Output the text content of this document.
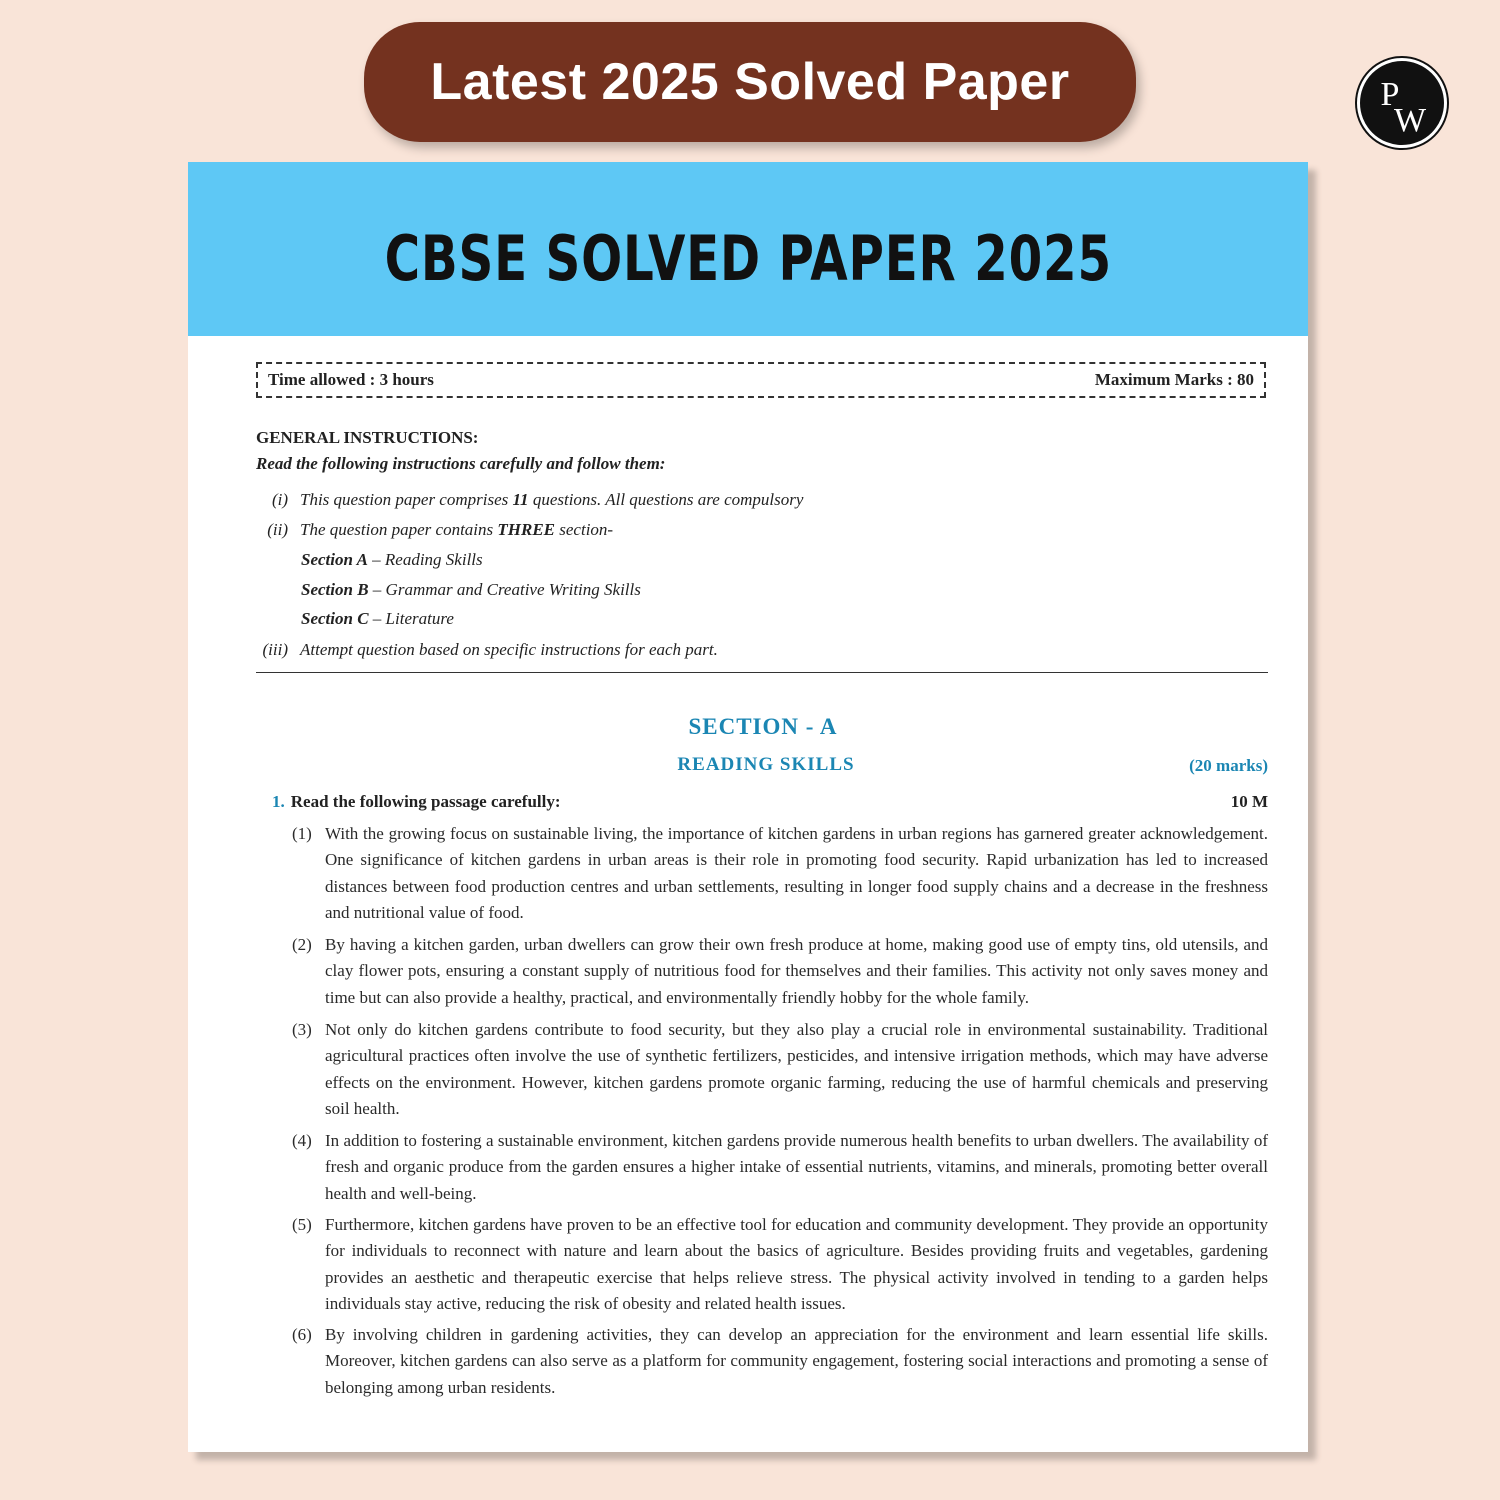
Latest 2025 Solved Paper	P
W
CBSE SOLVED PAPER 2025
Time allowed : 3 hours	Maximum Marks : 80
GENERAL INSTRUCTIONS:
Read the following instructions carefully and follow them:
(i) This question paper comprises 11 questions. All questions are compulsory
(ii) The question paper contains THREE section-
Section A – Reading Skills
Section B – Grammar and Creative Writing Skills
Section C – Literature
(iii) Attempt question based on specific instructions for each part.
SECTION - A
READING SKILLS	(20 marks)
1. Read the following passage carefully:	10 M
(1) With the growing focus on sustainable living, the importance of kitchen gardens in urban regions has garnered greater acknowledgement. One significance of kitchen gardens in urban areas is their role in promoting food security. Rapid urbanization has led to increased distances between food production centres and urban settlements, resulting in longer food supply chains and a decrease in the freshness and nutritional value of food.
(2) By having a kitchen garden, urban dwellers can grow their own fresh produce at home, making good use of empty tins, old utensils, and clay flower pots, ensuring a constant supply of nutritious food for themselves and their families. This activity not only saves money and time but can also provide a healthy, practical, and environmentally friendly hobby for the whole family.
(3) Not only do kitchen gardens contribute to food security, but they also play a crucial role in environmental sustainability. Traditional agricultural practices often involve the use of synthetic fertilizers, pesticides, and intensive irrigation methods, which may have adverse effects on the environment. However, kitchen gardens promote organic farming, reducing the use of harmful chemicals and preserving soil health.
(4) In addition to fostering a sustainable environment, kitchen gardens provide numerous health benefits to urban dwellers. The availability of fresh and organic produce from the garden ensures a higher intake of essential nutrients, vitamins, and minerals, promoting better overall health and well-being.
(5) Furthermore, kitchen gardens have proven to be an effective tool for education and community development. They provide an opportunity for individuals to reconnect with nature and learn about the basics of agriculture. Besides providing fruits and vegetables, gardening provides an aesthetic and therapeutic exercise that helps relieve stress. The physical activity involved in tending to a garden helps individuals stay active, reducing the risk of obesity and related health issues.
(6) By involving children in gardening activities, they can develop an appreciation for the environment and learn essential life skills. Moreover, kitchen gardens can also serve as a platform for community engagement, fostering social interactions and promoting a sense of belonging among urban residents.
